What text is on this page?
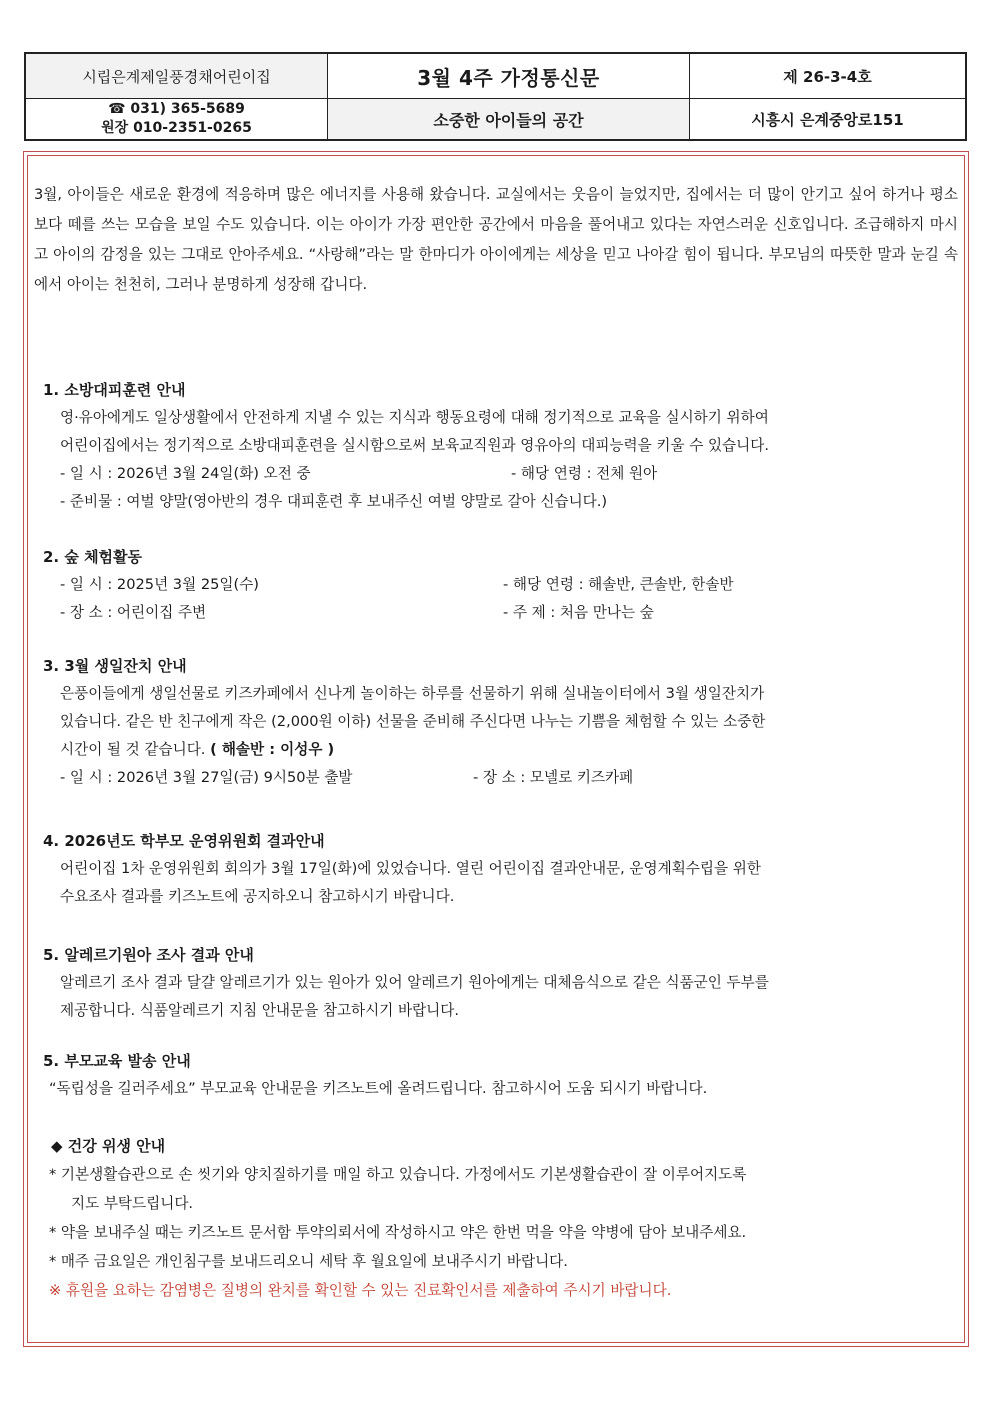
시립은계제일풍경채어린이집	3월 4주 가정통신문	제 26-3-4호
☎ 031) 365-5689
원장 010-2351-0265	소중한 아이들의 공간	시흥시 은계중앙로151
3월, 아이들은 새로운 환경에 적응하며 많은 에너지를 사용해 왔습니다. 교실에서는 웃음이 늘었지만, 집에서는 더 많이 안기고 싶어 하거나 평소보다 떼를 쓰는 모습을 보일 수도 있습니다. 이는 아이가 가장 편안한 공간에서 마음을 풀어내고 있다는 자연스러운 신호입니다. 조급해하지 마시고 아이의 감정을 있는 그대로 안아주세요. “사랑해”라는 말 한마디가 아이에게는 세상을 믿고 나아갈 힘이 됩니다. 부모님의 따뜻한 말과 눈길 속에서 아이는 천천히, 그러나 분명하게 성장해 갑니다.
1. 소방대피훈련 안내

영·유아에게도 일상생활에서 안전하게 지낼 수 있는 지식과 행동요령에 대해 정기적으로 교육을 실시하기 위하여

어린이집에서는 정기적으로 소방대피훈련을 실시함으로써 보육교직원과 영유아의 대피능력을 키울 수 있습니다.

- 일 시 : 2026년 3월 24일(화) 오전 중	- 해당 연령 : 전체 원아
- 준비물 : 여벌 양말(영아반의 경우 대피훈련 후 보내주신 여벌 양말로 갈아 신습니다.)
2. 숲 체험활동
- 일 시 : 2025년 3월 25일(수)	- 해당 연령 : 해솔반, 큰솔반, 한솔반
- 장 소 : 어린이집 주변	- 주 제 : 처음 만나는 숲
3. 3월 생일잔치 안내

은풍이들에게 생일선물로 키즈카페에서 신나게 놀이하는 하루를 선물하기 위해 실내놀이터에서 3월 생일잔치가

있습니다. 같은 반 친구에게 작은 (2,000원 이하) 선물을 준비해 주신다면 나누는 기쁨을 체험할 수 있는 소중한

시간이 될 것 같습니다. ( 해솔반 : 이성우 )

- 일 시 : 2026년 3월 27일(금) 9시50분 출발	- 장 소 : 모넬로 키즈카페
4. 2026년도 학부모 운영위원회 결과안내

어린이집 1차 운영위원회 회의가 3월 17일(화)에 있었습니다. 열린 어린이집 결과안내문, 운영계획수립을 위한

수요조사 결과를 키즈노트에 공지하오니 참고하시기 바랍니다.

5. 알레르기원아 조사 결과 안내

알레르기 조사 결과 달걀 알레르기가 있는 원아가 있어 알레르기 원아에게는 대체음식으로 같은 식품군인 두부를

제공합니다. 식품알레르기 지침 안내문을 참고하시기 바랍니다.

5. 부모교육 발송 안내

“독립성을 길러주세요” 부모교육 안내문을 키즈노트에 올려드립니다. 참고하시어 도움 되시기 바랍니다.

◆ 건강 위생 안내
* 기본생활습관으로 손 씻기와 양치질하기를 매일 하고 있습니다. 가정에서도 기본생활습관이 잘 이루어지도록
지도 부탁드립니다.
* 약을 보내주실 때는 키즈노트 문서함 투약의뢰서에 작성하시고 약은 한번 먹을 약을 약병에 담아 보내주세요.
* 매주 금요일은 개인침구를 보내드리오니 세탁 후 월요일에 보내주시기 바랍니다.
※ 휴원을 요하는 감염병은 질병의 완치를 확인할 수 있는 진료확인서를 제출하여 주시기 바랍니다.
